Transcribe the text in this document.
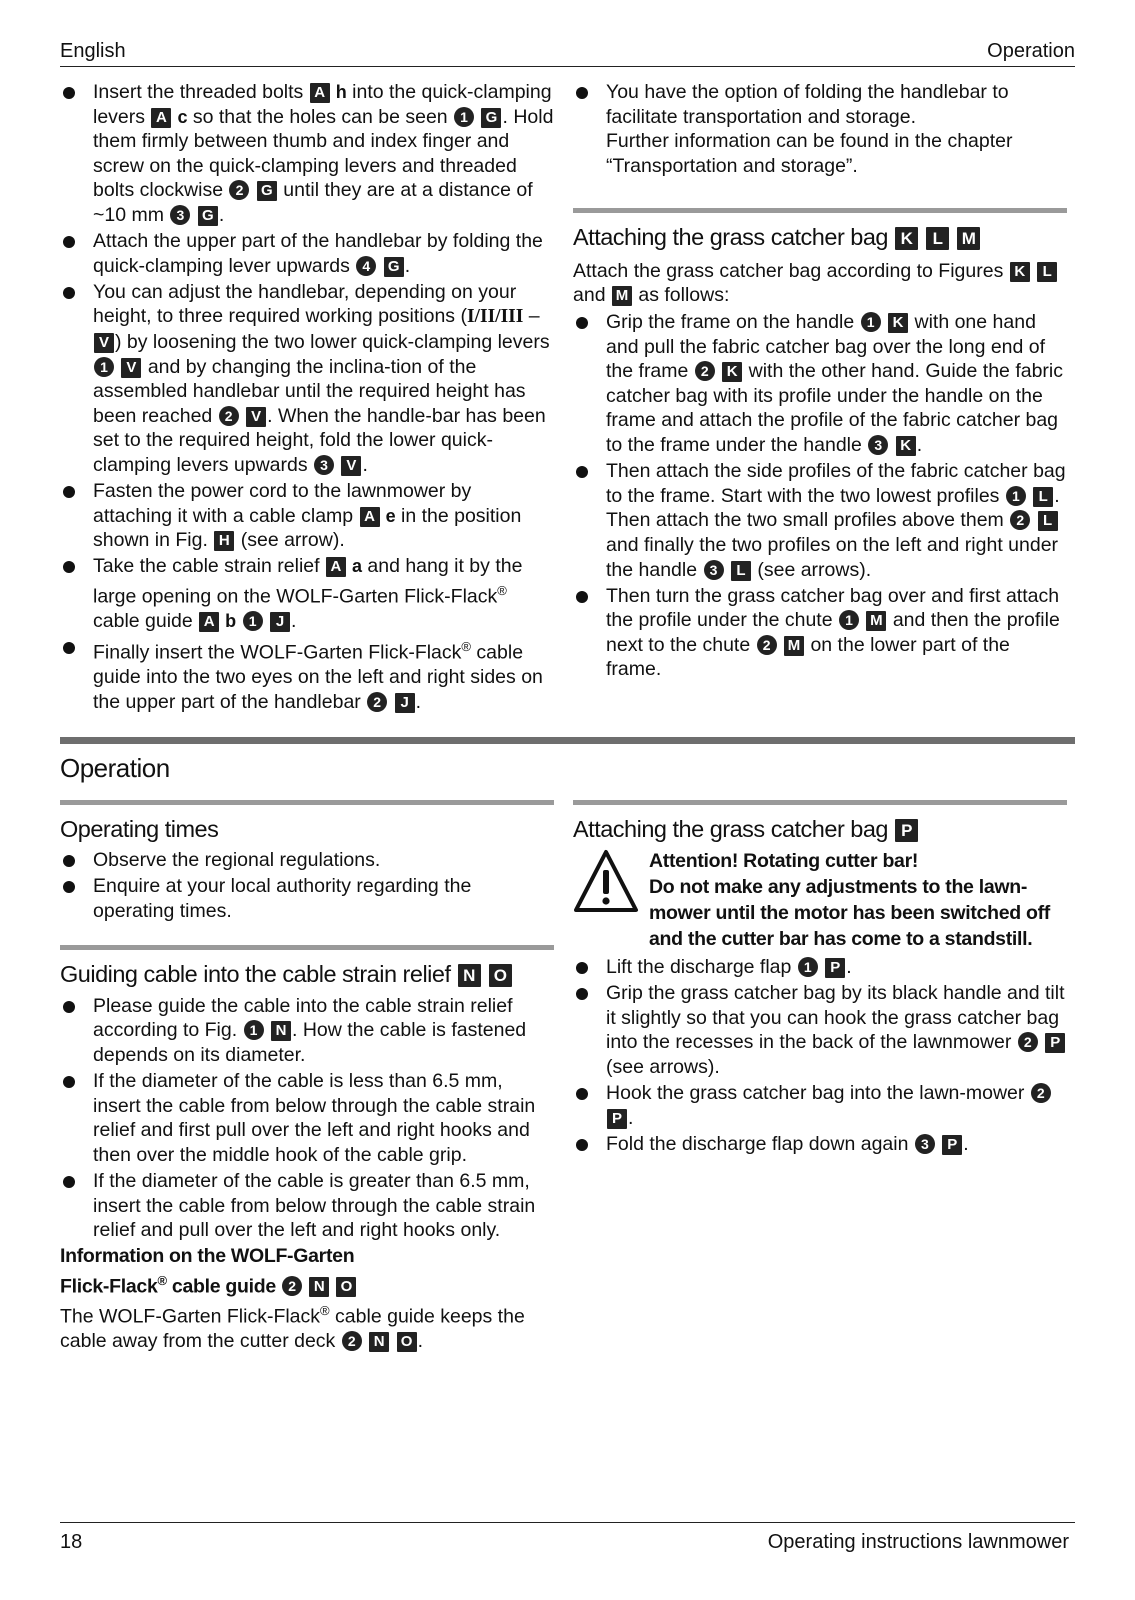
English	Operation
Insert the threaded bolts A h into the quick-clamping levers A c so that the holes can be seen 1 G . Hold them firmly between thumb and index finger and screw on the quick-clamping levers and threaded bolts clockwise 2 G until they are at a distance of ~10 mm 3 G .
Attach the upper part of the handlebar by folding the quick-clamping lever upwards 4 G .
You can adjust the handlebar, depending on your height, to three required working positions (I/II/III – V ) by loosening the two lower quick-clamping levers 1 V and by changing the inclina-tion of the assembled handlebar until the required height has been reached 2 V . When the handle-bar has been set to the required height, fold the lower quick-clamping levers upwards 3 V .
Fasten the power cord to the lawnmower by attaching it with a cable clamp A e in the position shown in Fig. H (see arrow).
Take the cable strain relief A a and hang it by the large opening on the WOLF-Garten Flick-Flack® cable guide A b 1 J .
Finally insert the WOLF-Garten Flick-Flack® cable guide into the two eyes on the left and right sides on the upper part of the handlebar 2 J .
You have the option of folding the handlebar to facilitate transportation and storage.
Further information can be found in the chapter “Transportation and storage”.
Attaching the grass catcher bag K L M

Attach the grass catcher bag according to Figures K L and M as follows:

Grip the frame on the handle 1 K with one hand and pull the fabric catcher bag over the long end of the frame 2 K with the other hand. Guide the fabric catcher bag with its profile under the handle on the frame and attach the profile of the fabric catcher bag to the frame under the handle 3 K .
Then attach the side profiles of the fabric catcher bag to the frame. Start with the two lowest profiles 1 L . Then attach the two small profiles above them 2 L and finally the two profiles on the left and right under the handle 3 L (see arrows).
Then turn the grass catcher bag over and first attach the profile under the chute 1 M and then the profile next to the chute 2 M on the lower part of the frame.
Operation
Operating times
Observe the regional regulations.
Enquire at your local authority regarding the operating times.
Guiding cable into the cable strain relief N O
Please guide the cable into the cable strain relief according to Fig. 1 N . How the cable is fastened depends on its diameter.
If the diameter of the cable is less than 6.5 mm, insert the cable from below through the cable strain relief and first pull over the left and right hooks and then over the middle hook of the cable grip.
If the diameter of the cable is greater than 6.5 mm, insert the cable from below through the cable strain relief and pull over the left and right hooks only.

Information on the WOLF-Garten
Flick-Flack® cable guide 2 N O

The WOLF-Garten Flick-Flack® cable guide keeps the cable away from the cutter deck 2 N O .

Attaching the grass catcher bag P
Attention! Rotating cutter bar!
Do not make any adjustments to the lawn-mower until the motor has been switched off and the cutter bar has come to a standstill.
Lift the discharge flap 1 P .
Grip the grass catcher bag by its black handle and tilt it slightly so that you can hook the grass catcher bag into the recesses in the back of the lawnmower 2 P (see arrows).
Hook the grass catcher bag into the lawn-mower 2 P .
Fold the discharge flap down again 3 P .
18	Operating instructions lawnmower
